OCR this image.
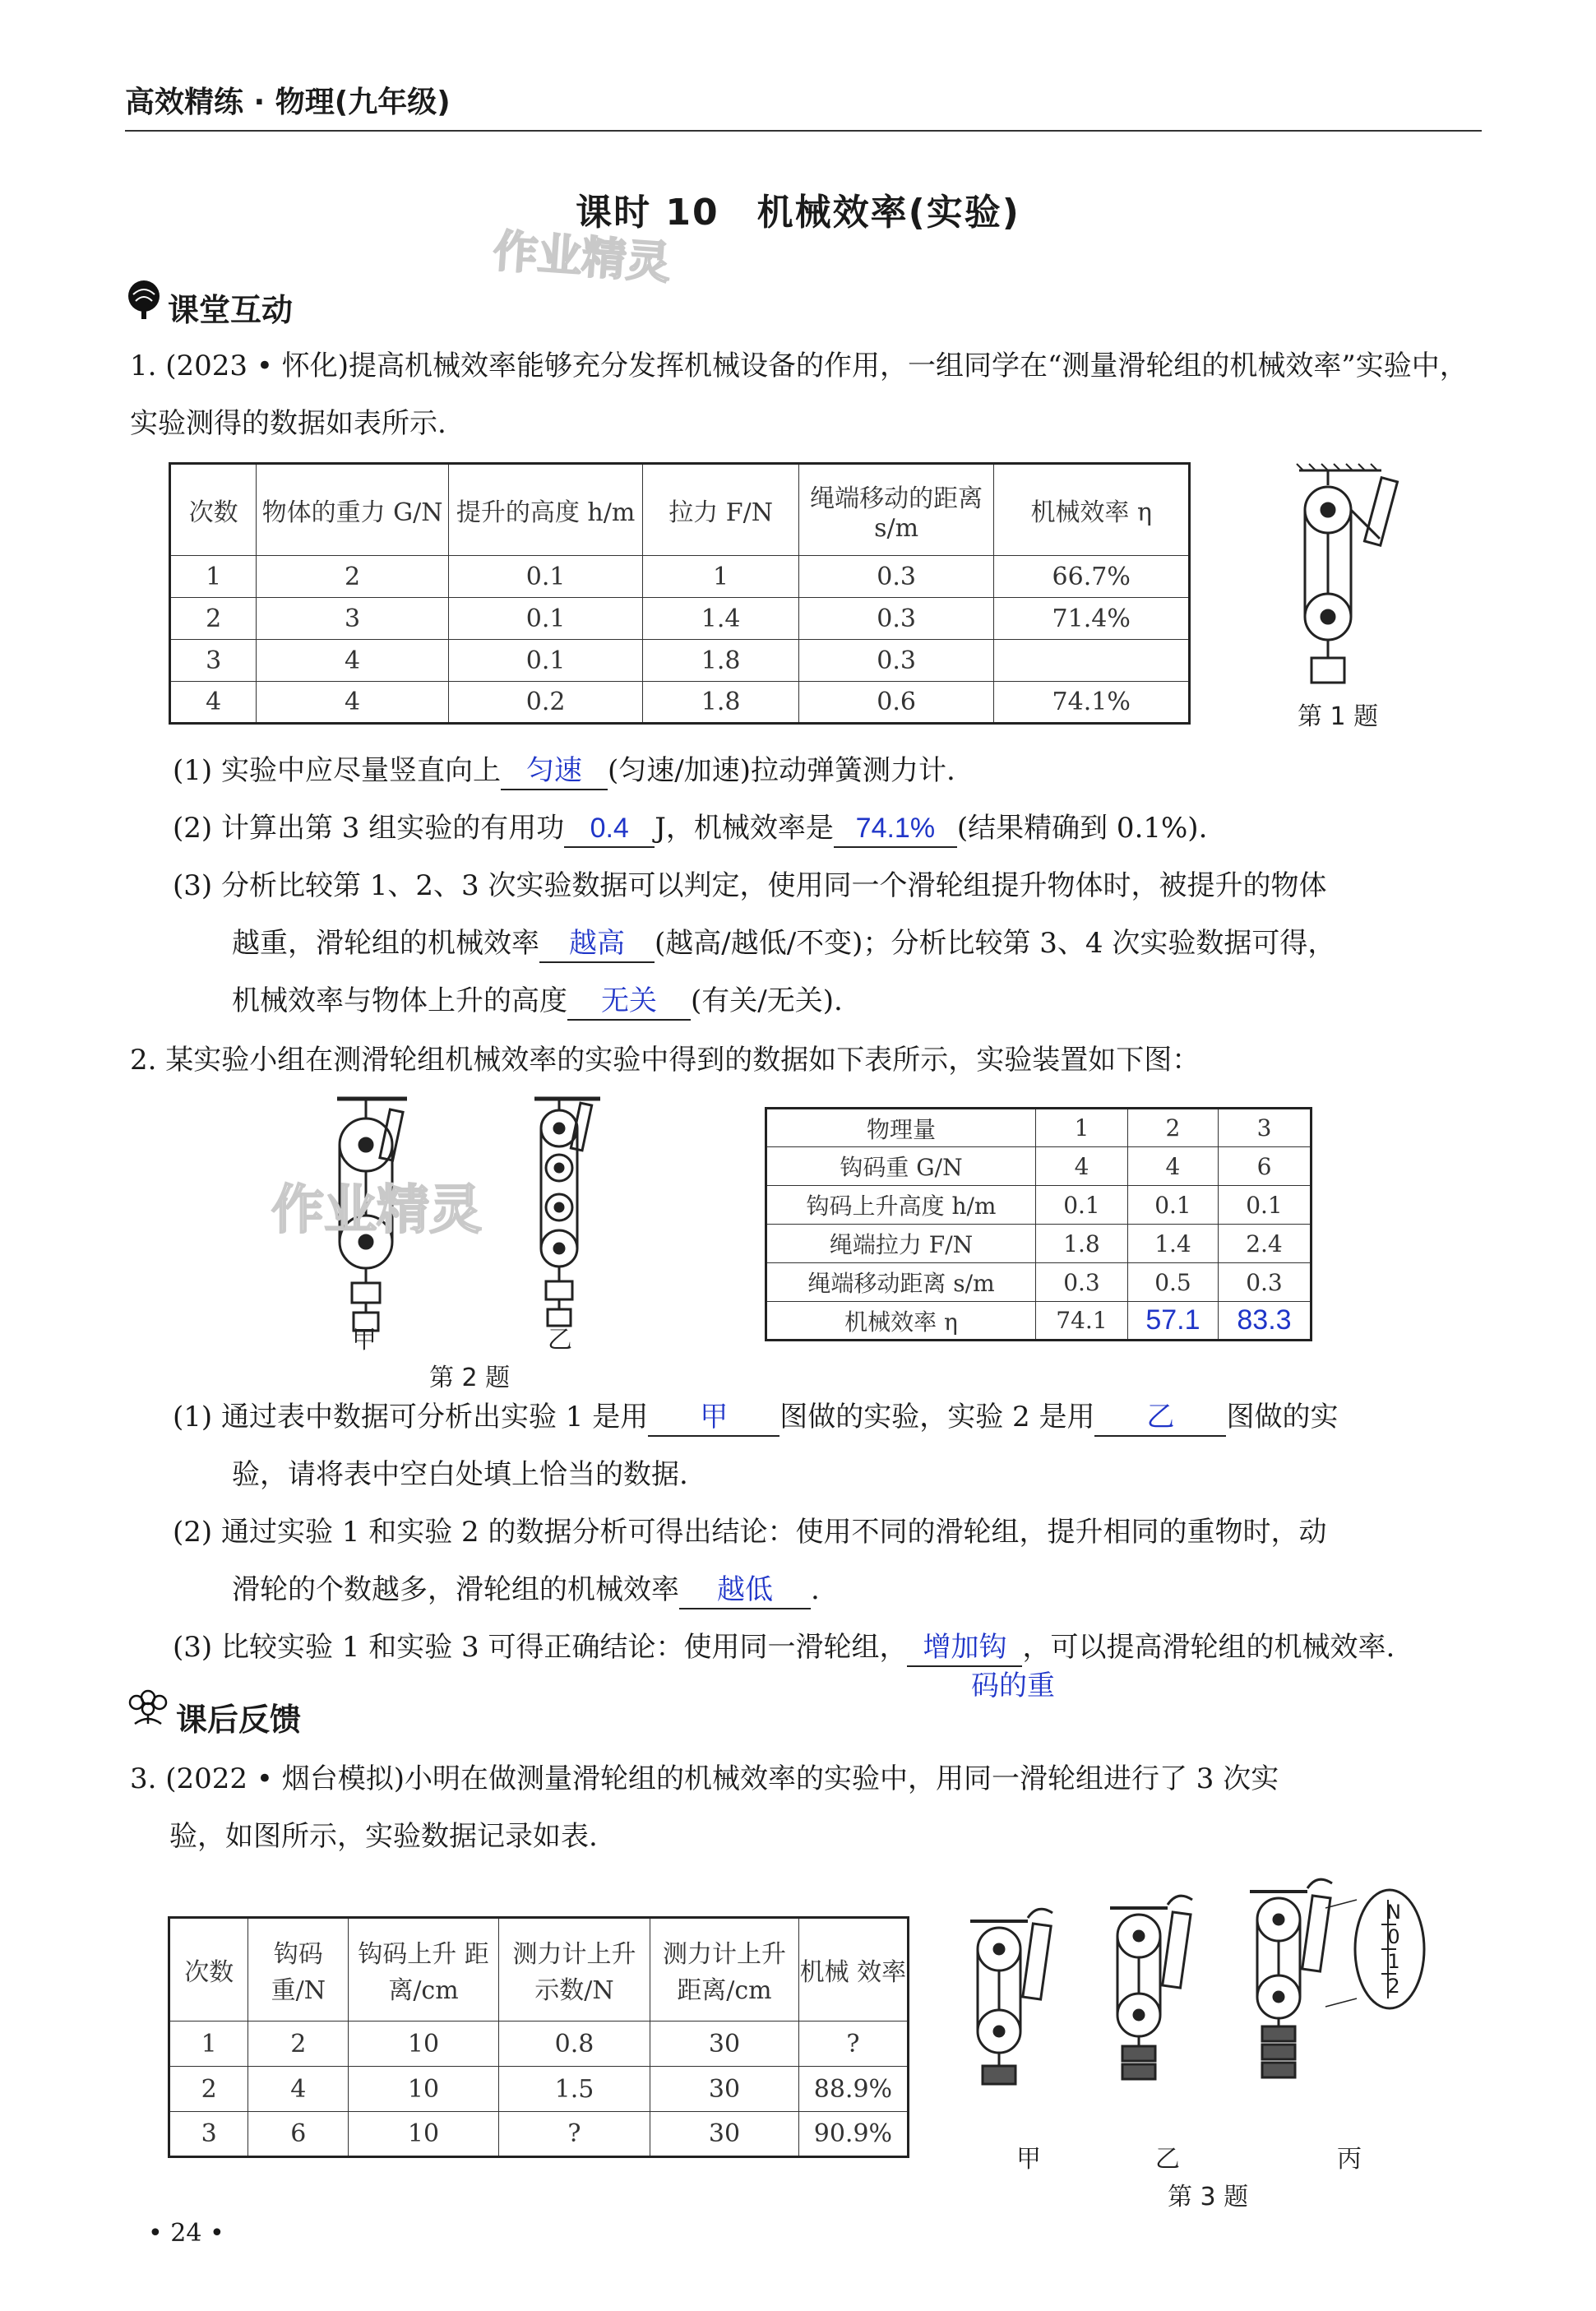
高效精练 · 物理(九年级)
课时 10　机械效率(实验)
作业精灵
课堂互动
1. (2023 • 怀化)提高机械效率能够充分发挥机械设备的作用，一组同学在“测量滑轮组的机械效率”实验中，实验测得的数据如表所示.
次数	物体的重力 G/N	提升的高度 h/m	拉力 F/N	绳端移动的距离 s/m	机械效率 η
1	2	0.1	1	0.3	66.7%
2	3	0.1	1.4	0.3	71.4%
3	4	0.1	1.8	0.3	
4	4	0.2	1.8	0.6	74.1%
第 1 题
(1) 实验中应尽量竖直向上 匀速 (匀速/加速)拉动弹簧测力计.
(2) 计算出第 3 组实验的有用功 0.4 J，机械效率是 74.1% (结果精确到 0.1%).
(3) 分析比较第 1、2、3 次实验数据可以判定，使用同一个滑轮组提升物体时，被提升的物体
越重，滑轮组的机械效率 越高 (越高/越低/不变)；分析比较第 3、4 次实验数据可得，
机械效率与物体上升的高度 无关 (有关/无关).
2. 某实验小组在测滑轮组机械效率的实验中得到的数据如下表所示，实验装置如下图：
作业精灵
甲	乙
第 2 题
物理量	1	2	3
钩码重 G/N	4	4	6
钩码上升高度 h/m	0.1	0.1	0.1
绳端拉力 F/N	1.8	1.4	2.4
绳端移动距离 s/m	0.3	0.5	0.3
机械效率 η	74.1	57.1	83.3
(1) 通过表中数据可分析出实验 1 是用 甲 图做的实验，实验 2 是用 乙 图做的实
验，请将表中空白处填上恰当的数据.
(2) 通过实验 1 和实验 2 的数据分析可得出结论：使用不同的滑轮组，提升相同的重物时，动
滑轮的个数越多，滑轮组的机械效率 越低 .
(3) 比较实验 1 和实验 3 可得正确结论：使用同一滑轮组， 增加钩 ，可以提高滑轮组的机械效率.
码的重
课后反馈
3. (2022 • 烟台模拟)小明在做测量滑轮组的机械效率的实验中，用同一滑轮组进行了 3 次实
验，如图所示，实验数据记录如表.
次数	钩码 重/N	钩码上升 距离/cm	测力计上升 示数/N	测力计上升 距离/cm	机械 效率
1	2	10	0.8	30	?
2	4	10	1.5	30	88.9%
3	6	10	?	30	90.9%
N
0
1
2
甲	乙	丙
第 3 题
• 24 •
